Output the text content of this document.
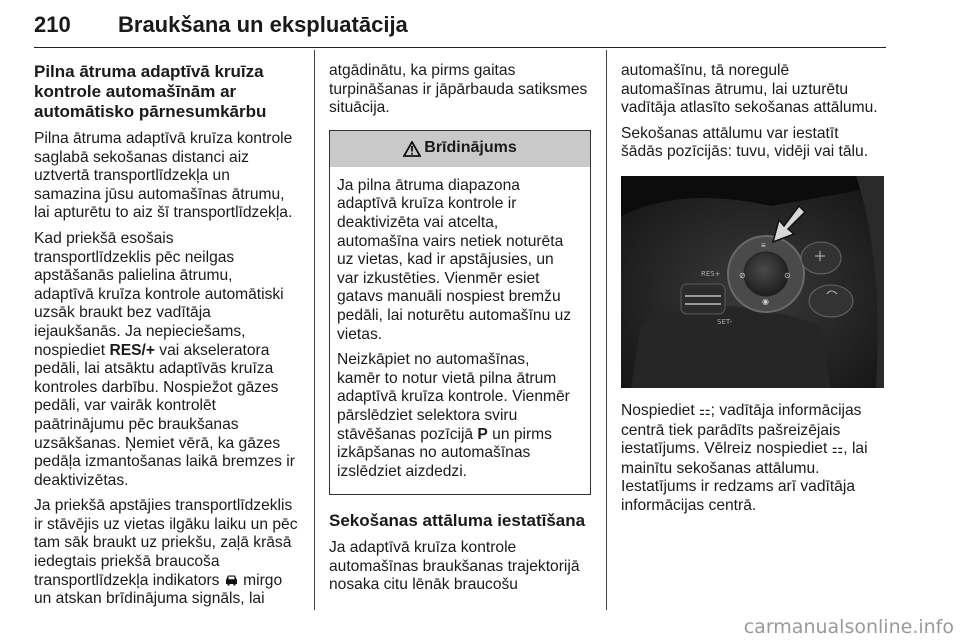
210 Braukšana un ekspluatācija
Pilna ātruma adaptīvā kruīza
kontrole automašīnām ar
automātisko pārnesumkārbu

Pilna ātruma adaptīvā kruīza kontrole
saglabā sekošanas distanci aiz
uztvertā transportlīdzekļa un
samazina jūsu automašīnas ātrumu,
lai apturētu to aiz šī transportlīdzekļa.

Kad priekšā esošais
transportlīdzeklis pēc neilgas
apstāšanās palielina ātrumu,
adaptīvā kruīza kontrole automātiski
uzsāk braukt bez vadītāja
iejaukšanās. Ja nepieciešams,
nospiediet RES/+ vai akseleratora
pedāli, lai atsāktu adaptīvās kruīza
kontroles darbību. Nospiežot gāzes
pedāli, var vairāk kontrolēt
paātrinājumu pēc braukšanas
uzsākšanas. Ņemiet vērā, ka gāzes
pedāļa izmantošanas laikā bremzes ir
deaktivizētas.

Ja priekšā apstājies transportlīdzeklis
ir stāvējis uz vietas ilgāku laiku un pēc
tam sāk braukt uz priekšu, zaļā krāsā
iedegtais priekšā braucoša
transportlīdzekļa indikators  mirgo
un atskan brīdinājuma signāls, lai

atgādinātu, ka pirms gaitas
turpināšanas ir jāpārbauda satiksmes
situācija.

Brīdinājums

Ja pilna ātruma diapazona
adaptīvā kruīza kontrole ir
deaktivizēta vai atcelta,
automašīna vairs netiek noturēta
uz vietas, kad ir apstājusies, un
var izkustēties. Vienmēr esiet
gatavs manuāli nospiest bremžu
pedāli, lai noturētu automašīnu uz
vietas.

Neizkāpiet no automašīnas,
kamēr to notur vietā pilna ātrum
adaptīvā kruīza kontrole. Vienmēr
pārslēdziet selektora sviru
stāvēšanas pozīcijā P un pirms
izkāpšanas no automašīnas
izslēdziet aizdedzi.

Sekošanas attāluma iestatīšana

Ja adaptīvā kruīza kontrole
automašīnas braukšanas trajektorijā
nosaka citu lēnāk braucošu

automašīnu, tā noregulē
automašīnas ātrumu, lai uzturētu
vadītāja atlasīto sekošanas attālumu.

Sekošanas attālumu var iestatīt
šādās pozīcijās: tuvu, vidēji vai tālu.

RES+
SET-
≡
⊘	⊙
◉

Nospiediet ⚏; vadītāja informācijas
centrā tiek parādīts pašreizējais
iestatījums. Vēlreiz nospiediet ⚏, lai
mainītu sekošanas attālumu.
Iestatījums ir redzams arī vadītāja
informācijas centrā.

carmanualsonline.info
